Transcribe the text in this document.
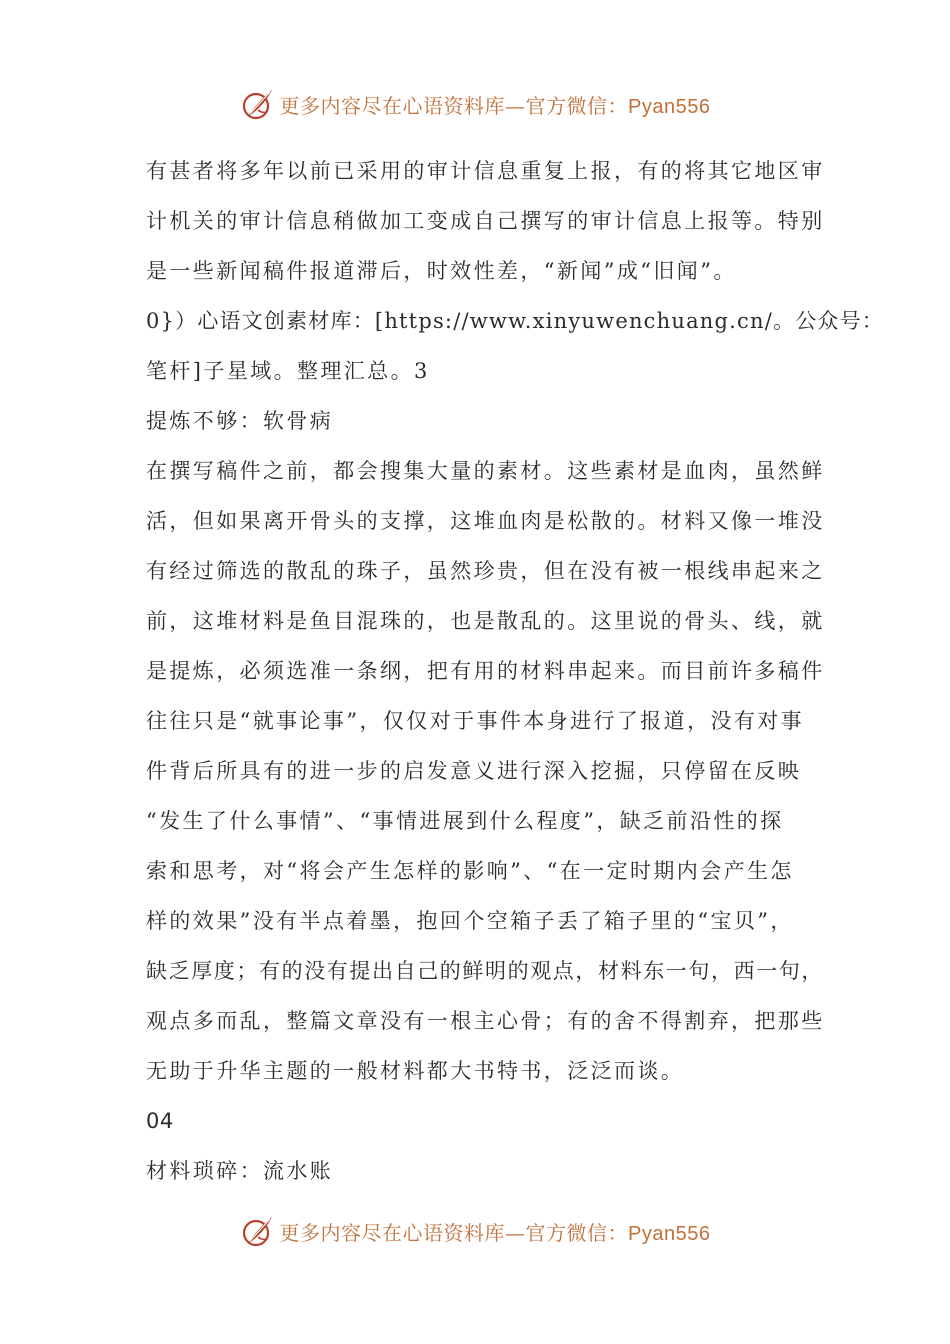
更多内容尽在心语资料库—官方微信：Pyan556
有甚者将多年以前已采用的审计信息重复上报，有的将其它地区审
计机关的审计信息稍做加工变成自己撰写的审计信息上报等。特别
是一些新闻稿件报道滞后，时效性差，“新闻”成“旧闻”。
0}）心语文创素材库：[https://www.xinyuwenchuang.cn/。公众号：
笔杆]子星域。整理汇总。3
提炼不够：软骨病
在撰写稿件之前，都会搜集大量的素材。这些素材是血肉，虽然鲜
活，但如果离开骨头的支撑，这堆血肉是松散的。材料又像一堆没
有经过筛选的散乱的珠子，虽然珍贵，但在没有被一根线串起来之
前，这堆材料是鱼目混珠的，也是散乱的。这里说的骨头、线，就
是提炼，必须选准一条纲，把有用的材料串起来。而目前许多稿件
往往只是“就事论事”，仅仅对于事件本身进行了报道，没有对事
件背后所具有的进一步的启发意义进行深入挖掘，只停留在反映
“发生了什么事情”、“事情进展到什么程度”，缺乏前沿性的探
索和思考，对“将会产生怎样的影响”、“在一定时期内会产生怎
样的效果”没有半点着墨，抱回个空箱子丢了箱子里的“宝贝”，
缺乏厚度；有的没有提出自己的鲜明的观点，材料东一句，西一句，
观点多而乱，整篇文章没有一根主心骨；有的舍不得割弃，把那些
无助于升华主题的一般材料都大书特书，泛泛而谈。
04
材料琐碎：流水账
更多内容尽在心语资料库—官方微信：Pyan556
